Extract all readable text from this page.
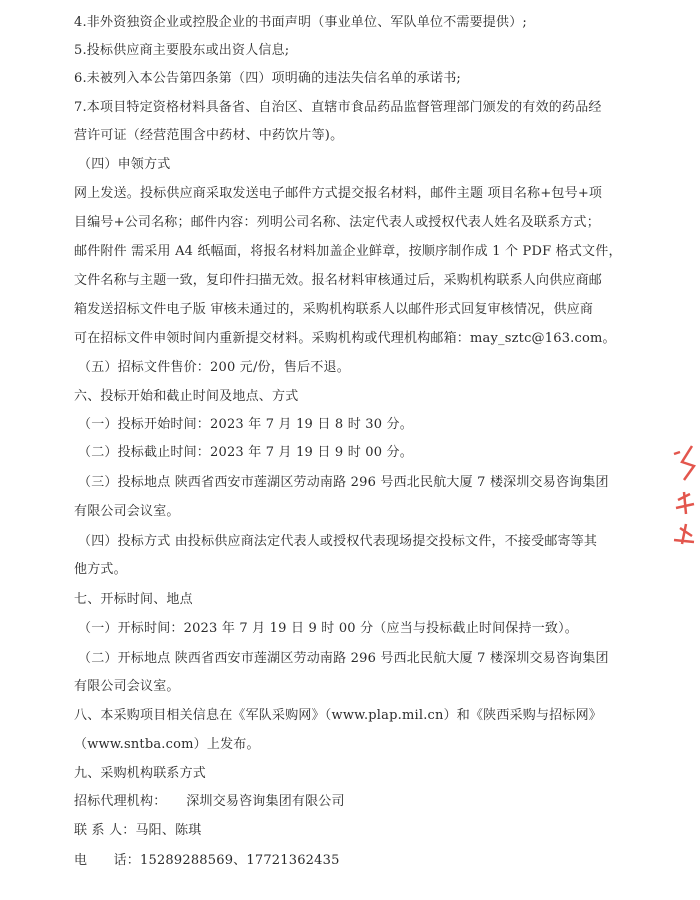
4.非外资独资企业或控股企业的书面声明（事业单位、军队单位不需要提供）;
5.投标供应商主要股东或出资人信息;
6.未被列入本公告第四条第（四）项明确的违法失信名单的承诺书;
7.本项目特定资格材料具备省、自治区、直辖市食品药品监督管理部门颁发的有效的药品经
营许可证（经营范围含中药材、中药饮片等)。
（四）申领方式
网上发送。投标供应商采取发送电子邮件方式提交报名材料，邮件主题 项目名称+包号+项
目编号+公司名称；邮件内容：列明公司名称、法定代表人或授权代表人姓名及联系方式；
邮件附件 需采用 A4 纸幅面，将报名材料加盖企业鲜章，按顺序制作成 1 个 PDF 格式文件，
文件名称与主题一致，复印件扫描无效。报名材料审核通过后，采购机构联系人向供应商邮
箱发送招标文件电子版 审核未通过的，采购机构联系人以邮件形式回复审核情况，供应商
可在招标文件申领时间内重新提交材料。采购机构或代理机构邮箱：may_sztc@163.com。
（五）招标文件售价：200 元/份，售后不退。
六、投标开始和截止时间及地点、方式
（一）投标开始时间：2023 年 7 月 19 日 8 时 30 分。
（二）投标截止时间：2023 年 7 月 19 日 9 时 00 分。
（三）投标地点 陕西省西安市莲湖区劳动南路 296 号西北民航大厦 7 楼深圳交易咨询集团
有限公司会议室。
（四）投标方式 由投标供应商法定代表人或授权代表现场提交投标文件，不接受邮寄等其
他方式。
七、开标时间、地点
（一）开标时间：2023 年 7 月 19 日 9 时 00 分（应当与投标截止时间保持一致）。
（二）开标地点 陕西省西安市莲湖区劳动南路 296 号西北民航大厦 7 楼深圳交易咨询集团
有限公司会议室。
八、本采购项目相关信息在《军队采购网》（www.plap.mil.cn）和《陕西采购与招标网》
（www.sntba.com）上发布。
九、采购机构联系方式
招标代理机构：　　深圳交易咨询集团有限公司
联 系 人：马阳、陈琪
电　　话：15289288569、17721362435
